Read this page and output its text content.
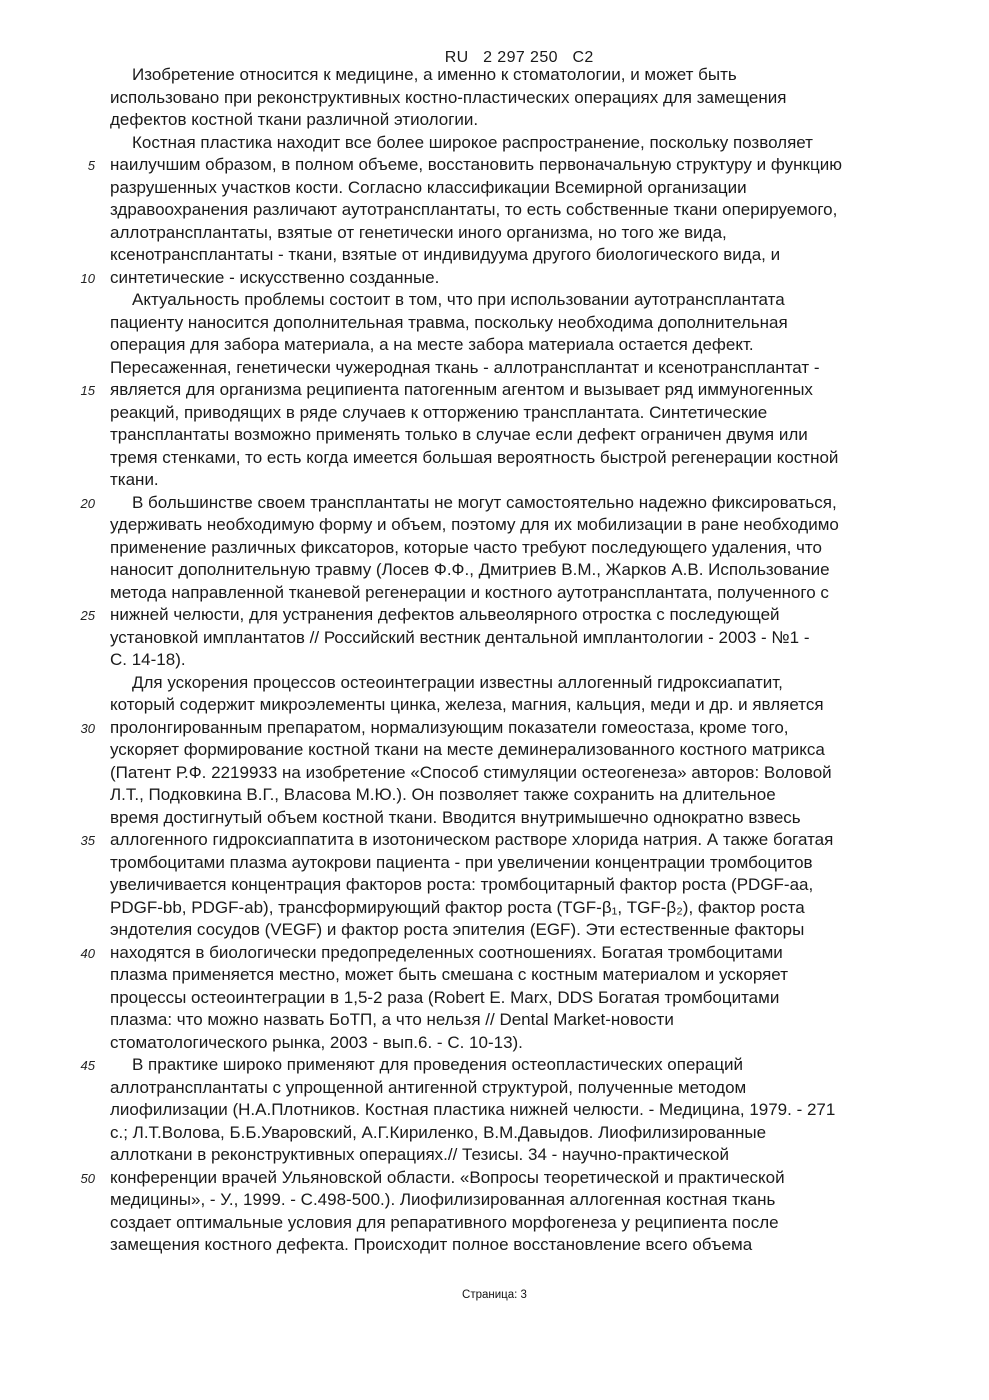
RU   2 297 250   C2

Изобретение относится к медицине, а именно к стоматологии, и может быть
использовано при реконструктивных костно-пластических операциях для замещения
дефектов костной ткани различной этиологии.
Костная пластика находит все более широкое распространение, поскольку позволяет
5 наилучшим образом, в полном объеме, восстановить первоначальную структуру и функцию
разрушенных участков кости. Согласно классификации Всемирной организации
здравоохранения различают аутотрансплантаты, то есть собственные ткани оперируемого,
аллотрансплантаты, взятые от генетически иного организма, но того же вида,
ксенотрансплантаты - ткани, взятые от индивидуума другого биологического вида, и
10 синтетические - искусственно созданные.
Актуальность проблемы состоит в том, что при использовании аутотрансплантата
пациенту наносится дополнительная травма, поскольку необходима дополнительная
операция для забора материала, а на месте забора материала остается дефект.
Пересаженная, генетически чужеродная ткань - аллотрансплантат и ксенотрансплантат -
15 является для организма реципиента патогенным агентом и вызывает ряд иммуногенных
реакций, приводящих в ряде случаев к отторжению трансплантата. Синтетические
трансплантаты возможно применять только в случае если дефект ограничен двумя или
тремя стенками, то есть когда имеется большая вероятность быстрой регенерации костной
ткани.
20 В большинстве своем трансплантаты не могут самостоятельно надежно фиксироваться,
удерживать необходимую форму и объем, поэтому для их мобилизации в ране необходимо
применение различных фиксаторов, которые часто требуют последующего удаления, что
наносит дополнительную травму (Лосев Ф.Ф., Дмитриев В.М., Жарков А.В. Использование
метода направленной тканевой регенерации и костного аутотрансплантата, полученного с
25 нижней челюсти, для устранения дефектов альвеолярного отростка с последующей
установкой имплантатов // Российский вестник дентальной имплантологии - 2003 - №1 -
С. 14-18).
Для ускорения процессов остеоинтеграции известны аллогенный гидроксиапатит,
который содержит микроэлементы цинка, железа, магния, кальция, меди и др. и является
30 пролонгированным препаратом, нормализующим показатели гомеостаза, кроме того,
ускоряет формирование костной ткани на месте деминерализованного костного матрикса
(Патент Р.Ф. 2219933 на изобретение «Способ стимуляции остеогенеза» авторов: Воловой
Л.Т., Подковкина В.Г., Власова М.Ю.). Он позволяет также сохранить на длительное
время достигнутый объем костной ткани. Вводится внутримышечно однократно взвесь
35 аллогенного гидроксиаппатита в изотоническом растворе хлорида натрия. А также богатая
тромбоцитами плазма аутокрови пациента - при увеличении концентрации тромбоцитов
увеличивается концентрация факторов роста: тромбоцитарный фактор роста (PDGF-aa,
PDGF-bb, PDGF-ab), трансформирующий фактор роста (TGF-β₁, TGF-β₂), фактор роста
эндотелия сосудов (VEGF) и фактор роста эпителия (EGF). Эти естественные факторы
40 находятся в биологически предопределенных соотношениях. Богатая тромбоцитами
плазма применяется местно, может быть смешана с костным материалом и ускоряет
процессы остеоинтеграции в 1,5-2 раза (Robert E. Marx, DDS Богатая тромбоцитами
плазма: что можно назвать БоТП, а что нельзя // Dental Market-новости
стоматологического рынка, 2003 - вып.6. - С. 10-13).
45 В практике широко применяют для проведения остеопластических операций
аллотрансплантаты с упрощенной антигенной структурой, полученные методом
лиофилизации (Н.А.Плотников. Костная пластика нижней челюсти. - Медицина, 1979. - 271
с.; Л.Т.Волова, Б.Б.Уваровский, А.Г.Кириленко, В.М.Давыдов. Лиофилизированные
аллоткани в реконструктивных операциях.// Тезисы. 34 - научно-практической
50 конференции врачей Ульяновской области. «Вопросы теоретической и практической
медицины», - У., 1999. - С.498-500.). Лиофилизированная аллогенная костная ткань
создает оптимальные условия для репаративного морфогенеза у реципиента после
замещения костного дефекта. Происходит полное восстановление всего объема
Страница: 3
